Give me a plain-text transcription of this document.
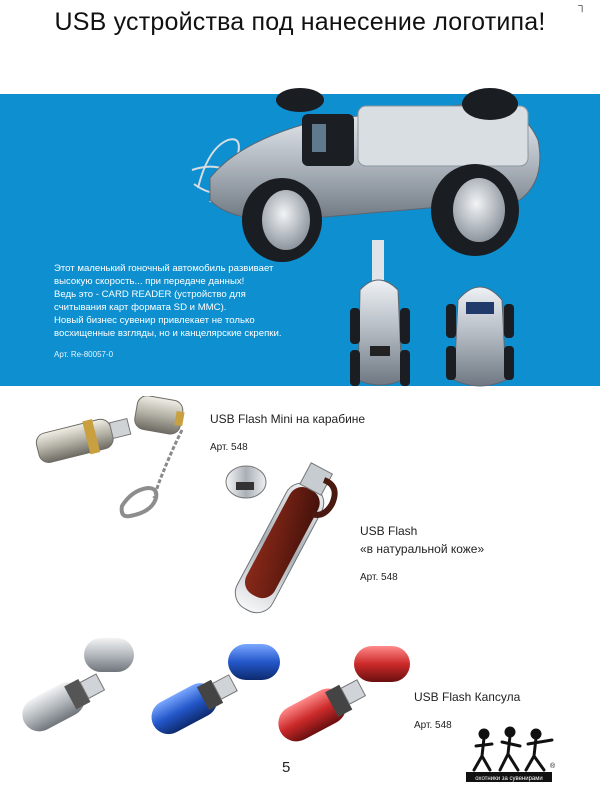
USB устройства под нанесение логотипа!
┐

Этот маленький гоночный автомобиль развивает

высокую скорость... при передаче данных!

Ведь это - CARD READER (устройство для

считывания карт формата SD и MMC).

Новый бизнес сувенир привлекает не только

восхищенные взгляды, но и канцелярские скрепки.

Арт. Re-80057-0
USB Flash Mini на карабине
Арт. 548
USB Flash
«в натуральной коже»
Арт. 548
USB Flash Капсула
Арт. 548
охотники за сувенирами
®
5
